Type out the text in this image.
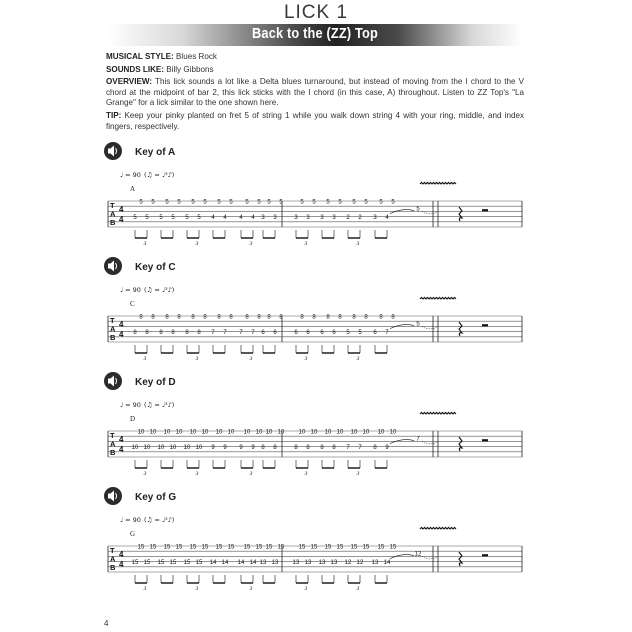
LICK 1
Back to the (ZZ) Top

MUSICAL STYLE: Blues Rock

SOUNDS LIKE: Billy Gibbons

OVERVIEW: This lick sounds a lot like a Delta blues turnaround, but instead of moving from the I chord to the V chord at the midpoint of bar 2, this lick sticks with the I chord (in this case, A) throughout. Listen to ZZ Top's "La Grange" for a lick similar to the one shown here.

TIP: Keep your pinky planted on fret 5 of string 1 while you walk down string 4 with your ring, middle, and index fingers, respectively.

Key of A
♩ = 90 (♫ = ♩³♪)
A
T
A
B
4
4
5 5 5 5 5 5 5 5 5 5 5 5	5 5 5 5 5 5 5 5
5 5 5 5 5 5 4 4 4 4 3 3	3 3 3 3 2 2 3 4
5
3	3	3	3	3
Key of C
♩ = 90 (♫ = ♩³♪)
C
T
A
B
4
4
8 8 8 8 8 8 8 8 8 8 8 8	8 8 8 8 8 8 8 8
8 8 8 8 8 8 7 7 7 7 6 6	6 6 6 6 5 5 6 7
5
3	3	3	3	3
Key of D
♩ = 90 (♫ = ♩³♪)
D
T
A
B
4
4
10 10 10 10 10 10 10 10 10 10 10 10 10 10 10 10 10 10 10 10
10 10 10 10 10 10 9 9 9 9 8 8	8 8 8 8 7 7 8 9
7
3	3	3	3	3
Key of G
♩ = 90 (♫ = ♩³♪)
G
T
A
B
4
4
15 15 15 15 15 15 15 15 15 15 15 15 15 15 15 15 15 15 15 15
15 15 15 15 15 15 14 14 14 14 13 13 13 13 13 13 12 12 13 14
12
3	3	3	3	3
4
